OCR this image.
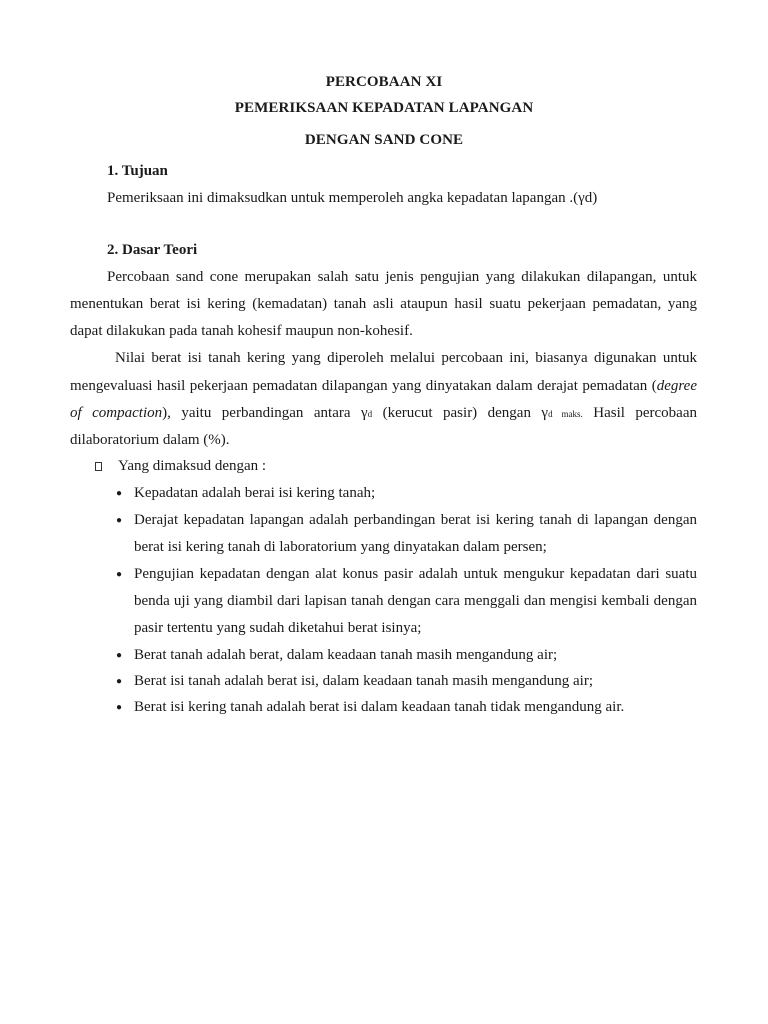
PERCOBAAN XI
PEMERIKSAAN KEPADATAN LAPANGAN
DENGAN SAND CONE
1. Tujuan
Pemeriksaan ini dimaksudkan untuk memperoleh angka kepadatan lapangan .(γd)
2. Dasar Teori
Percobaan sand cone merupakan salah satu jenis pengujian yang dilakukan dilapangan, untuk
menentukan berat isi kering (kemadatan) tanah asli ataupun hasil suatu pekerjaan pemadatan, yang
dapat dilakukan pada tanah kohesif maupun non-kohesif.
Nilai berat isi tanah kering yang diperoleh melalui percobaan ini, biasanya digunakan untuk
mengevaluasi hasil pekerjaan pemadatan dilapangan yang dinyatakan dalam derajat pemadatan (degree
of compaction), yaitu perbandingan antara γd (kerucut pasir) dengan γd maks. Hasil percobaan
dilaboratorium dalam (%).
Yang dimaksud dengan :
● Kepadatan adalah berai isi kering tanah;
● Derajat kepadatan lapangan adalah perbandingan berat isi kering tanah di lapangan dengan
berat isi kering tanah di laboratorium yang dinyatakan dalam persen;
● Pengujian kepadatan dengan alat konus pasir adalah untuk mengukur kepadatan dari suatu
benda uji yang diambil dari lapisan tanah dengan cara menggali dan mengisi kembali dengan
pasir tertentu yang sudah diketahui berat isinya;
● Berat tanah adalah berat, dalam keadaan tanah masih mengandung air;
● Berat isi tanah adalah berat isi, dalam keadaan tanah masih mengandung air;
● Berat isi kering tanah adalah berat isi dalam keadaan tanah tidak mengandung air.
